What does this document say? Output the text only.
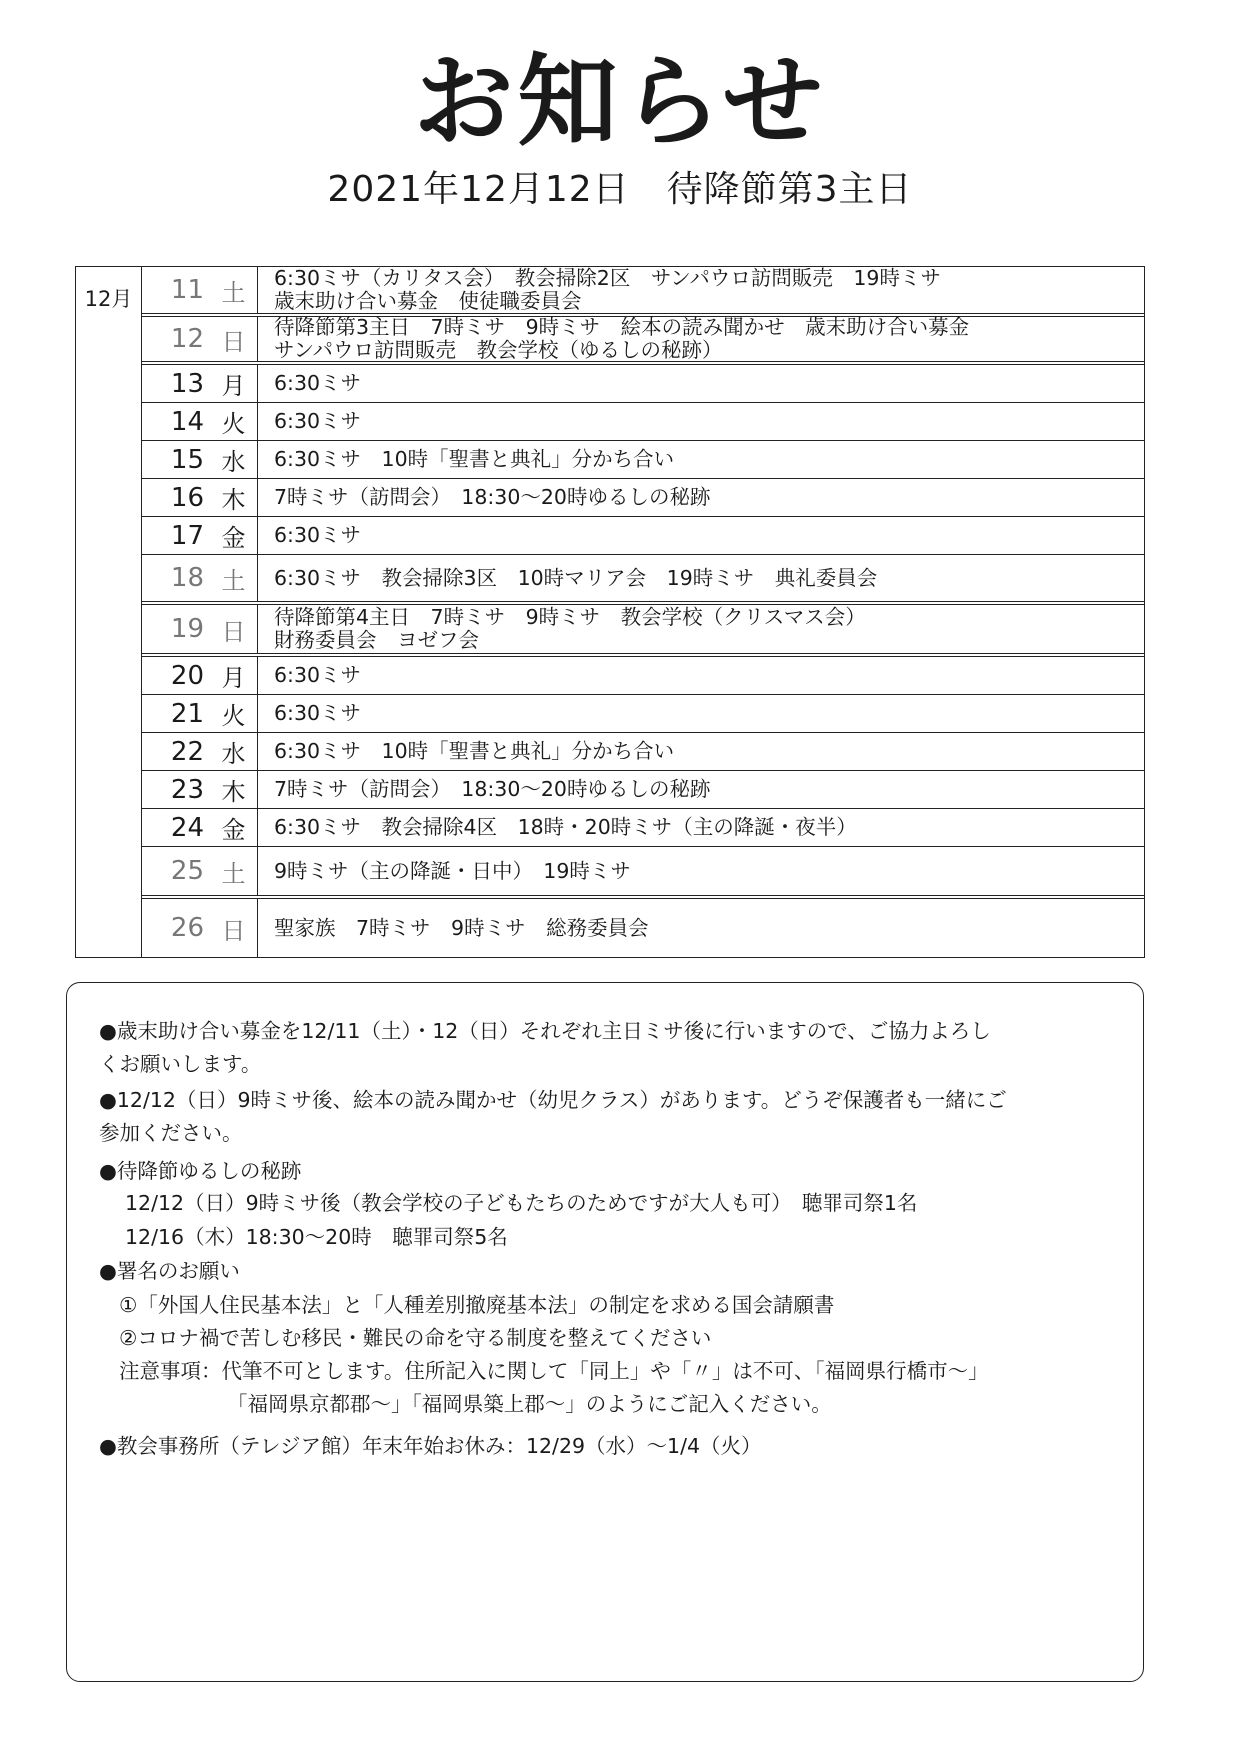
お知らせ
2021年12月12日　待降節第3主日
12月	11 土
6:30ミサ（カリタス会）　教会掃除2区　サンパウロ訪問販売　19時ミサ
歳末助け合い募金　使徒職委員会
12 日
待降節第3主日　7時ミサ　9時ミサ　絵本の読み聞かせ　歳末助け合い募金
サンパウロ訪問販売　教会学校（ゆるしの秘跡）
13 月	6:30ミサ
14 火	6:30ミサ
15 水	6:30ミサ　10時「聖書と典礼」分かち合い
16 木	7時ミサ（訪問会）　18:30～20時ゆるしの秘跡
17 金	6:30ミサ
18 土	6:30ミサ　教会掃除3区　10時マリア会　19時ミサ　典礼委員会
19 日
待降節第4主日　7時ミサ　9時ミサ　教会学校（クリスマス会）
財務委員会　ヨゼフ会
20 月	6:30ミサ
21 火	6:30ミサ
22 水	6:30ミサ　10時「聖書と典礼」分かち合い
23 木	7時ミサ（訪問会）　18:30～20時ゆるしの秘跡
24 金	6:30ミサ　教会掃除4区　18時・20時ミサ（主の降誕・夜半）
25 土	9時ミサ（主の降誕・日中）　19時ミサ
26 日	聖家族　7時ミサ　9時ミサ　総務委員会
●歳末助け合い募金を12/11（土）・12（日）それぞれ主日ミサ後に行いますので、ご協力よろし
くお願いします。
●12/12（日）9時ミサ後、絵本の読み聞かせ（幼児クラス）があります。どうぞ保護者も一緒にご
参加ください。
●待降節ゆるしの秘跡
12/12（日）9時ミサ後（教会学校の子どもたちのためですが大人も可）　聴罪司祭1名
12/16（木）18:30～20時　聴罪司祭5名
●署名のお願い
①「外国人住民基本法」と「人種差別撤廃基本法」の制定を求める国会請願書
②コロナ禍で苦しむ移民・難民の命を守る制度を整えてください
注意事項：代筆不可とします。住所記入に関して「同上」や「〃」は不可、「福岡県行橋市～」
「福岡県京都郡～」「福岡県築上郡～」のようにご記入ください。
●教会事務所（テレジア館）年末年始お休み：12/29（水）～1/4（火）
